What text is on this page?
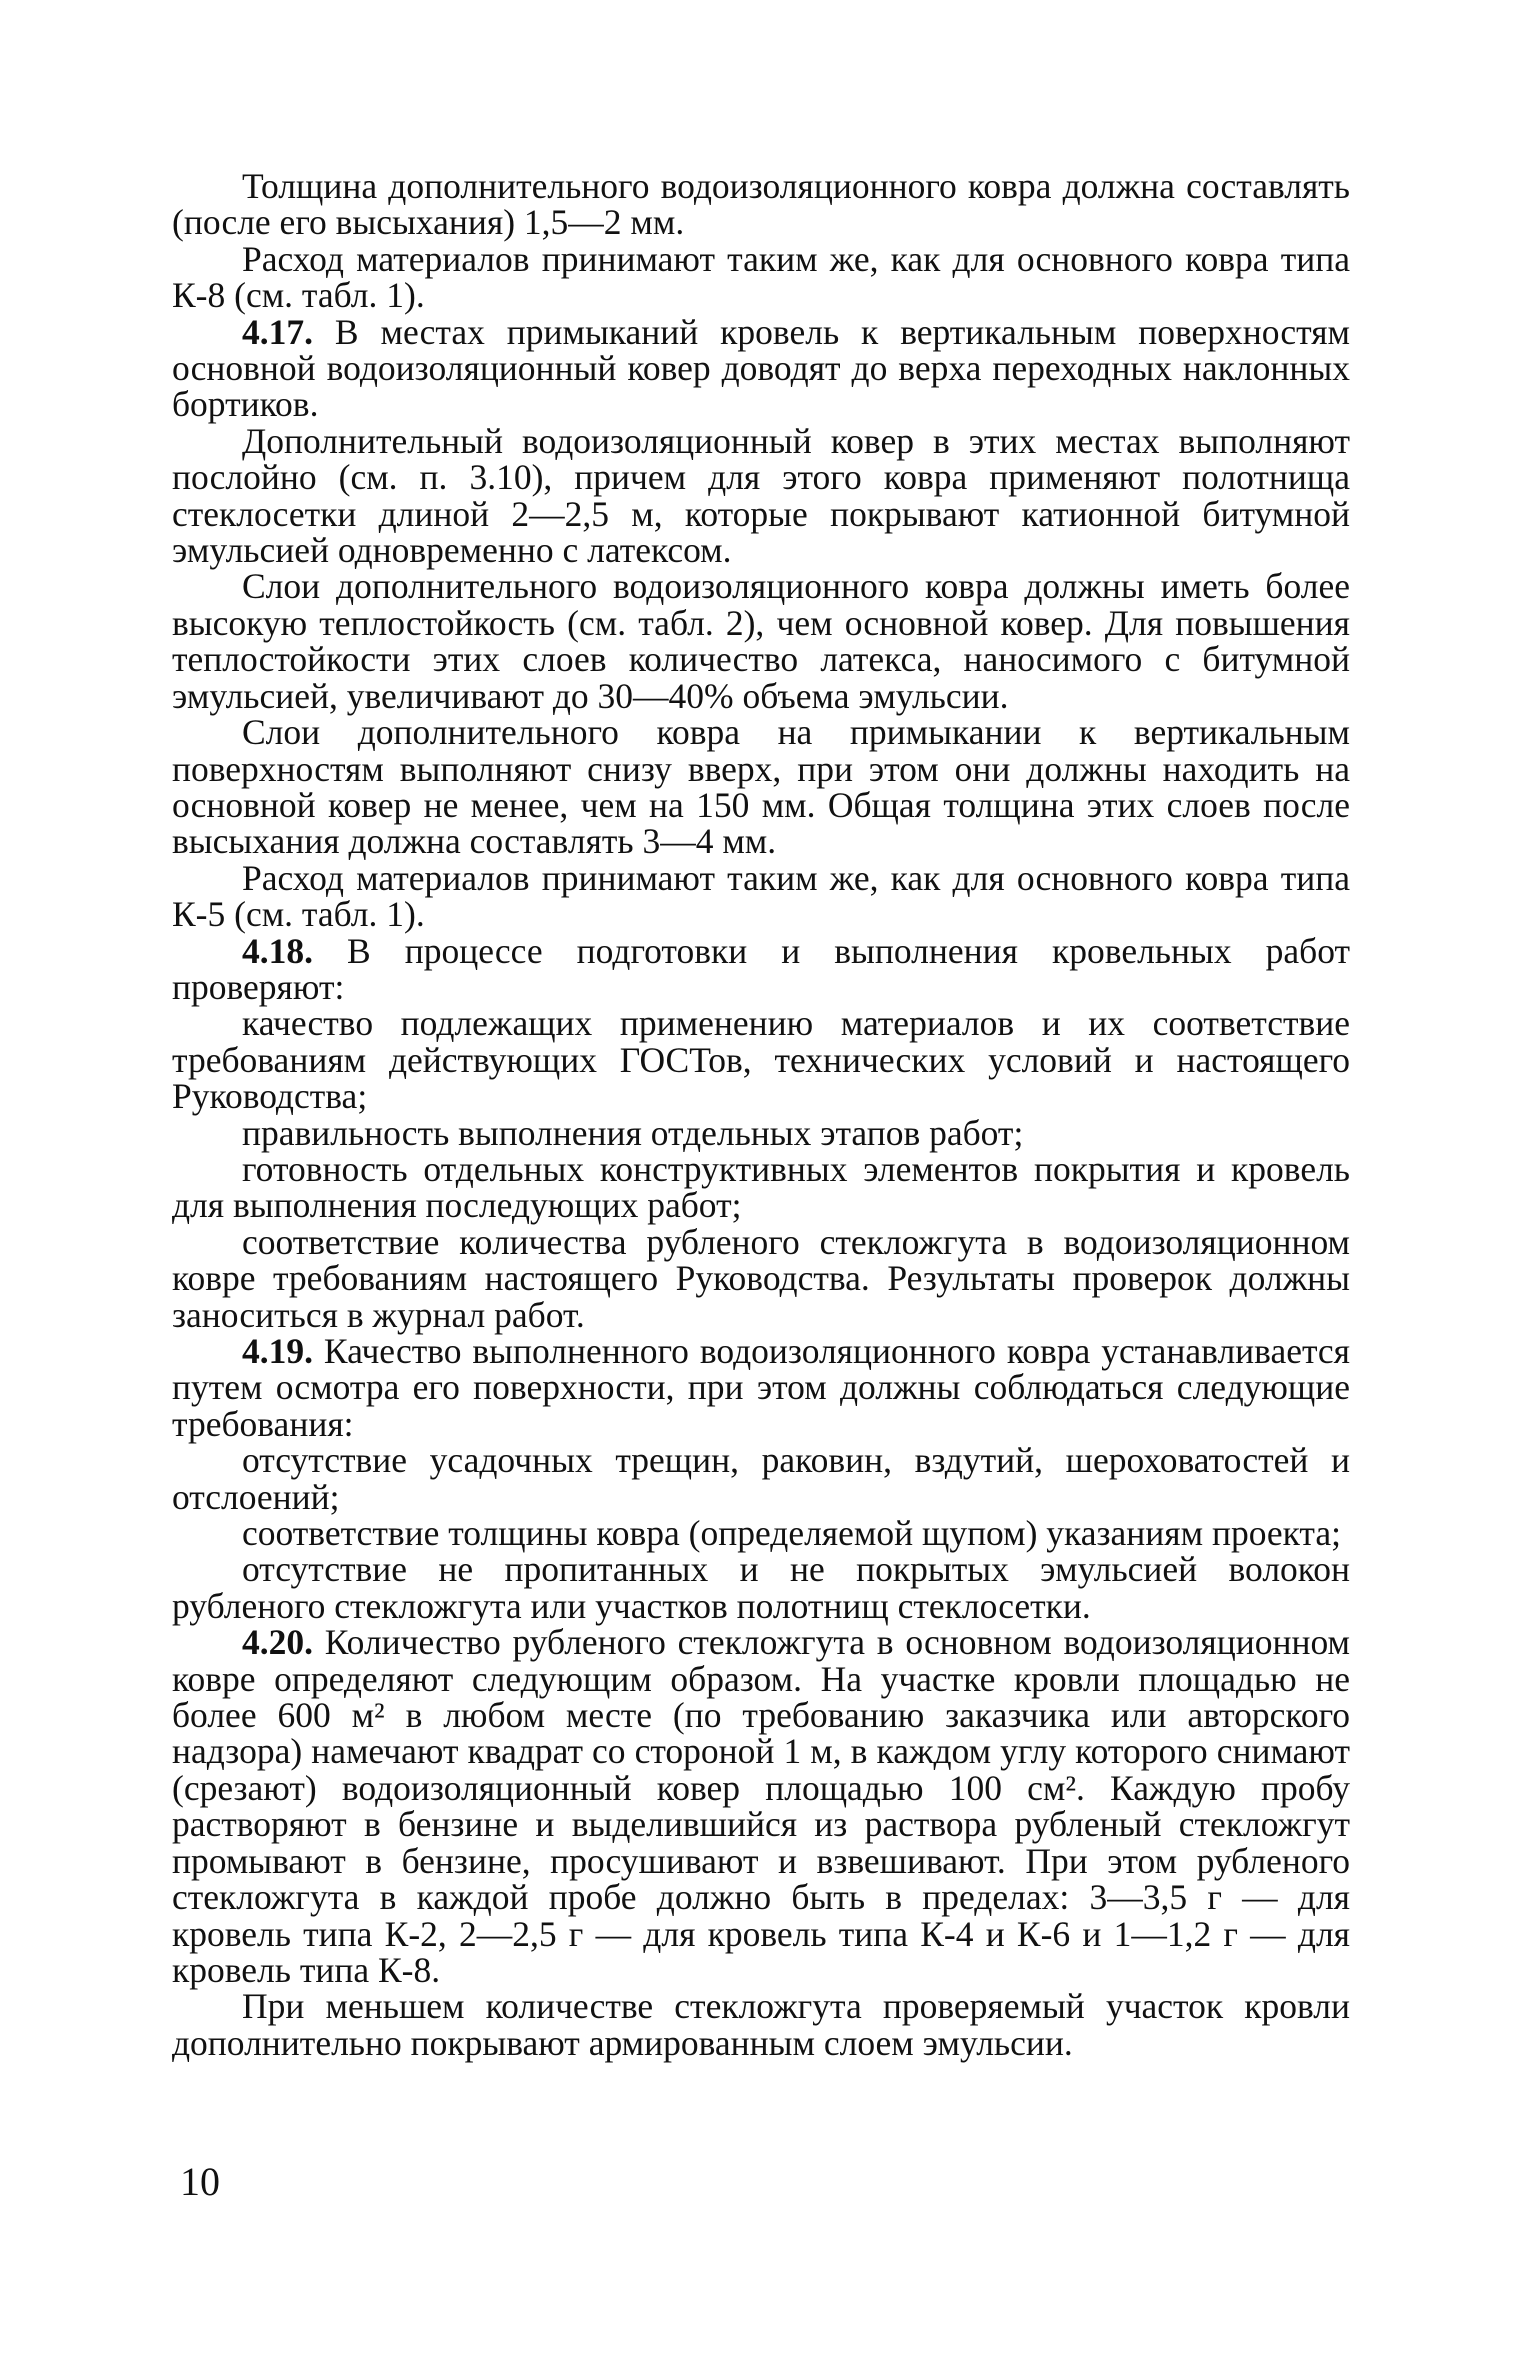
Толщина дополнительного водоизоляционного ковра должна составлять (после его высыхания) 1,5—2 мм.

Расход материалов принимают таким же, как для основного ковра типа К-8 (см. табл. 1).

4.17. В местах примыканий кровель к вертикальным поверхностям основной водоизоляционный ковер доводят до верха переходных наклонных бортиков.

Дополнительный водоизоляционный ковер в этих местах выполняют послойно (см. п. 3.10), причем для этого ковра применяют полотнища стеклосетки длиной 2—2,5 м, которые покрывают катионной битумной эмульсией одновременно с латексом.

Слои дополнительного водоизоляционного ковра должны иметь более высокую теплостойкость (см. табл. 2), чем основной ковер. Для повышения теплостойкости этих слоев количество латекса, наносимого с битумной эмульсией, увеличивают до 30—40% объема эмульсии.

Слои дополнительного ковра на примыкании к вертикальным поверхностям выполняют снизу вверх, при этом они должны находить на основной ковер не менее, чем на 150 мм. Общая толщина этих слоев после высыхания должна составлять 3—4 мм.

Расход материалов принимают таким же, как для основного ковра типа К-5 (см. табл. 1).

4.18. В процессе подготовки и выполнения кровельных работ проверяют:

качество подлежащих применению материалов и их соответствие требованиям действующих ГОСТов, технических условий и настоящего Руководства;

правильность выполнения отдельных этапов работ;

готовность отдельных конструктивных элементов покрытия и кровель для выполнения последующих работ;

соответствие количества рубленого стекложгута в водоизоляционном ковре требованиям настоящего Руководства. Результаты проверок должны заноситься в журнал работ.

4.19. Качество выполненного водоизоляционного ковра устанавливается путем осмотра его поверхности, при этом должны соблюдаться следующие требования:

отсутствие усадочных трещин, раковин, вздутий, шероховатостей и отслоений;

соответствие толщины ковра (определяемой щупом) указаниям проекта;

отсутствие не пропитанных и не покрытых эмульсией волокон рубленого стекложгута или участков полотнищ стеклосетки.

4.20. Количество рубленого стекложгута в основном водоизоляционном ковре определяют следующим образом. На участке кровли площадью не более 600 м² в любом месте (по требованию заказчика или авторского надзора) намечают квадрат со стороной 1 м, в каждом углу которого снимают (срезают) водоизоляционный ковер площадью 100 см². Каждую пробу растворяют в бензине и выделившийся из раствора рубленый стекложгут промывают в бензине, просушивают и взвешивают. При этом рубленого стекложгута в каждой пробе должно быть в пределах: 3—3,5 г — для кровель типа К-2, 2—2,5 г — для кровель типа К-4 и К-6 и 1—1,2 г — для кровель типа К-8.

При меньшем количестве стекложгута проверяемый участок кровли дополнительно покрывают армированным слоем эмульсии.

10
